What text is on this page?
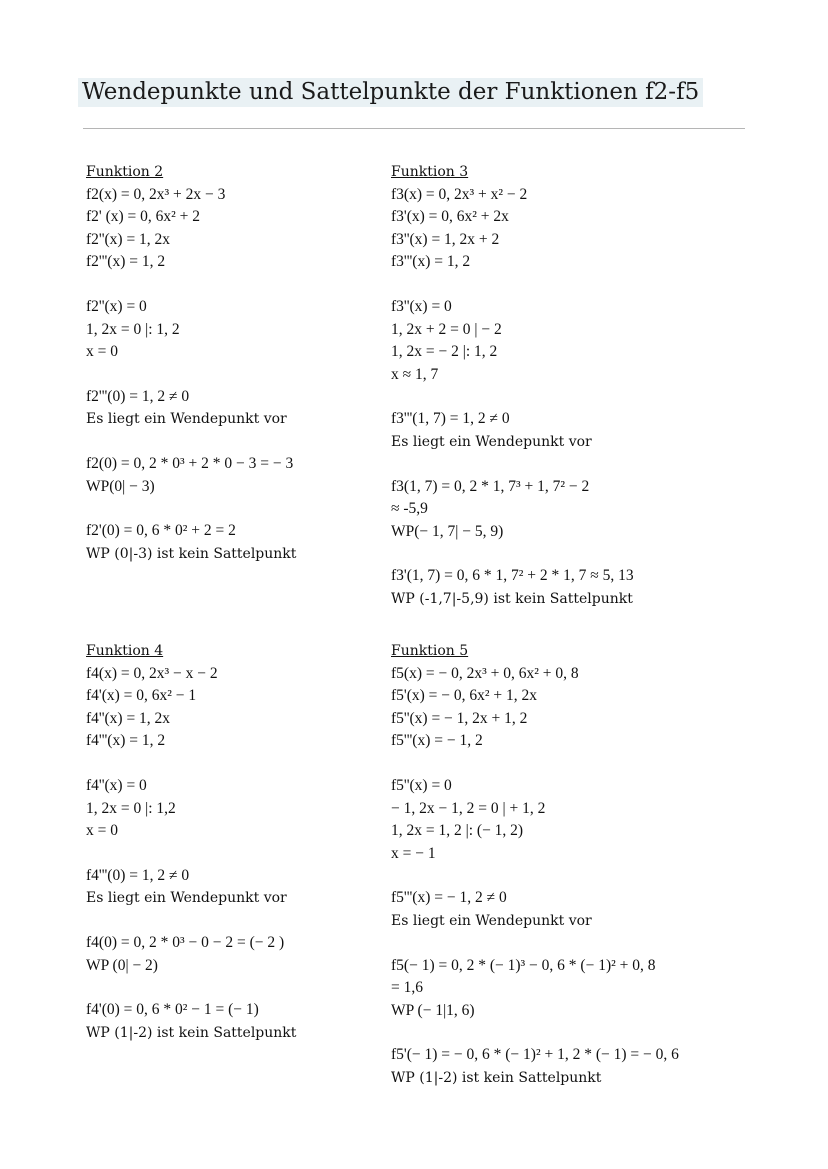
Wendepunkte und Sattelpunkte der Funktionen f2-f5
Funktion 2
f2(x) = 0, 2x³ + 2x − 3
f2' (x) = 0, 6x² + 2
f2''(x) = 1, 2x
f2'''(x) = 1, 2
f2''(x) = 0
1, 2x = 0 |: 1, 2
x = 0
f2'''(0) = 1, 2 ≠ 0
Es liegt ein Wendepunkt vor
f2(0) = 0, 2 * 0³ + 2 * 0 − 3 = − 3
WP(0| − 3)
f2'(0) = 0, 6 * 0² + 2 = 2
WP (0|-3) ist kein Sattelpunkt
Funktion 3
f3(x) = 0, 2x³ + x² − 2
f3'(x) = 0, 6x² + 2x
f3''(x) = 1, 2x + 2
f3'''(x) = 1, 2
f3''(x) = 0
1, 2x + 2 = 0 | − 2
1, 2x = − 2 |: 1, 2
x ≈ 1, 7
f3'''(1, 7) = 1, 2 ≠ 0
Es liegt ein Wendepunkt vor
f3(1, 7) = 0, 2 * 1, 7³ + 1, 7² − 2
≈ -5,9
WP(− 1, 7| − 5, 9)
f3'(1, 7) = 0, 6 * 1, 7² + 2 * 1, 7 ≈ 5, 13
WP (-1,7|-5,9) ist kein Sattelpunkt
Funktion 4
f4(x) = 0, 2x³ − x − 2
f4'(x) = 0, 6x² − 1
f4''(x) = 1, 2x
f4'''(x) = 1, 2
f4''(x) = 0
1, 2x = 0 |: 1,2
x = 0
f4'''(0) = 1, 2 ≠ 0
Es liegt ein Wendepunkt vor
f4(0) = 0, 2 * 0³ − 0 − 2 = (− 2 )
WP (0| − 2)
f4'(0) = 0, 6 * 0² − 1 = (− 1)
WP (1|-2) ist kein Sattelpunkt
Funktion 5
f5(x) = − 0, 2x³ + 0, 6x² + 0, 8
f5'(x) = − 0, 6x² + 1, 2x
f5''(x) = − 1, 2x + 1, 2
f5'''(x) = − 1, 2
f5''(x) = 0
− 1, 2x − 1, 2 = 0 | + 1, 2
1, 2x = 1, 2 |: (− 1, 2)
x = − 1
f5'''(x) = − 1, 2 ≠ 0
Es liegt ein Wendepunkt vor
f5(− 1) = 0, 2 * (− 1)³ − 0, 6 * (− 1)² + 0, 8
= 1,6
WP (− 1|1, 6)
f5'(− 1) = − 0, 6 * (− 1)² + 1, 2 * (− 1) = − 0, 6
WP (1|-2) ist kein Sattelpunkt
